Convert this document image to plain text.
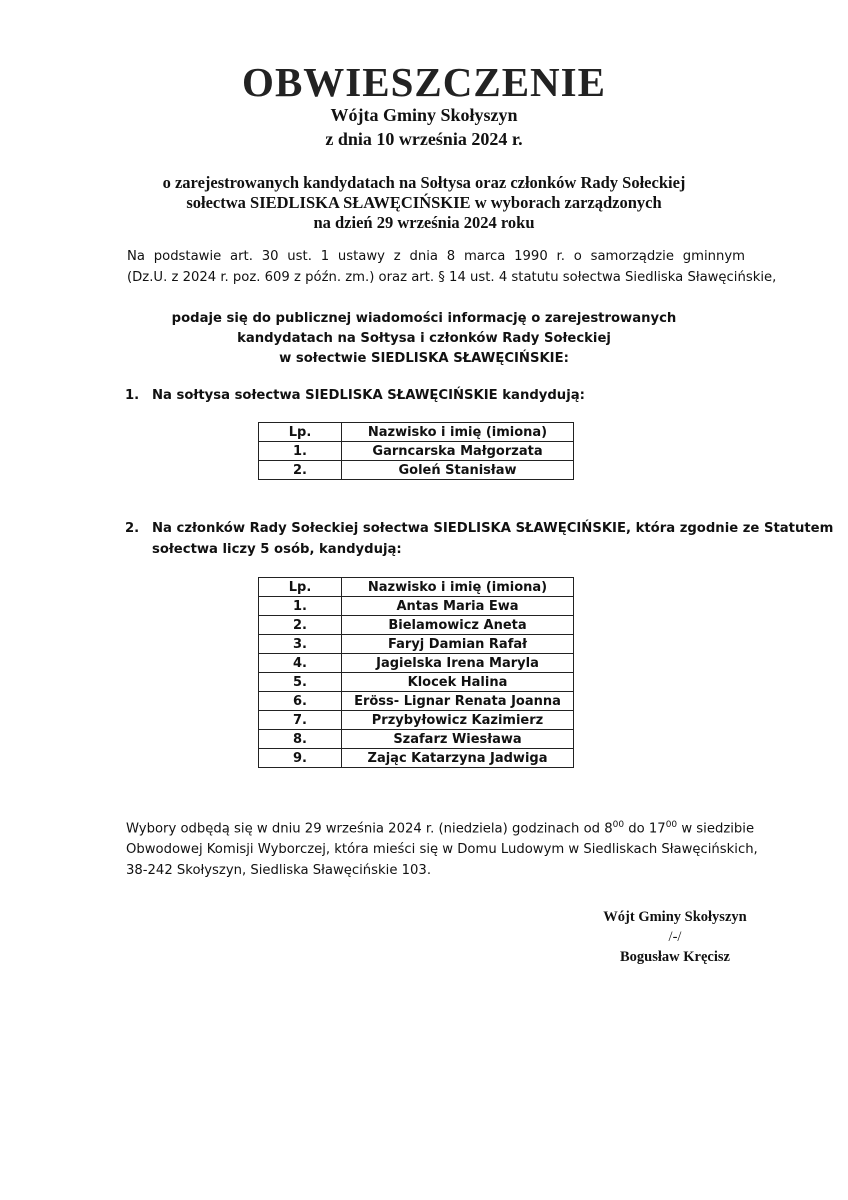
OBWIESZCZENIE
Wójta Gminy Skołyszyn
z dnia 10 września 2024 r.
o zarejestrowanych kandydatach na Sołtysa oraz członków Rady Sołeckiej
sołectwa SIEDLISKA SŁAWĘCIŃSKIE w wyborach zarządzonych
na dzień 29 września 2024 roku
Na podstawie art. 30 ust. 1 ustawy z dnia 8 marca 1990 r. o samorządzie gminnym
(Dz.U. z 2024 r. poz. 609 z późn. zm.) oraz art. § 14 ust. 4 statutu sołectwa Siedliska Sławęcińskie,
podaje się do publicznej wiadomości informację o zarejestrowanych
kandydatach na Sołtysa i członków Rady Sołeckiej
w sołectwie SIEDLISKA SŁAWĘCIŃSKIE:
1. Na sołtysa sołectwa SIEDLISKA SŁAWĘCIŃSKIE kandydują:
Lp.	Nazwisko i imię (imiona)
1.	Garncarska Małgorzata
2.	Goleń Stanisław
2. Na członków Rady Sołeckiej sołectwa SIEDLISKA SŁAWĘCIŃSKIE, która zgodnie ze Statutem
sołectwa liczy 5 osób, kandydują:
Lp.	Nazwisko i imię (imiona)
1.	Antas Maria Ewa
2.	Bielamowicz Aneta
3.	Faryj Damian Rafał
4.	Jagielska Irena Maryla
5.	Klocek Halina
6.	Eröss- Lignar Renata Joanna
7.	Przybyłowicz Kazimierz
8.	Szafarz Wiesława
9.	Zając Katarzyna Jadwiga
Wybory odbędą się w dniu 29 września 2024 r. (niedziela) godzinach od $8^{00}$ do $17^{00}$ w siedzibie
Obwodowej Komisji Wyborczej, która mieści się w Domu Ludowym w Siedliskach Sławęcińskich,
38-242 Skołyszyn, Siedliska Sławęcińskie 103.
Wójt Gminy Skołyszyn
/-/
Bogusław Kręcisz
